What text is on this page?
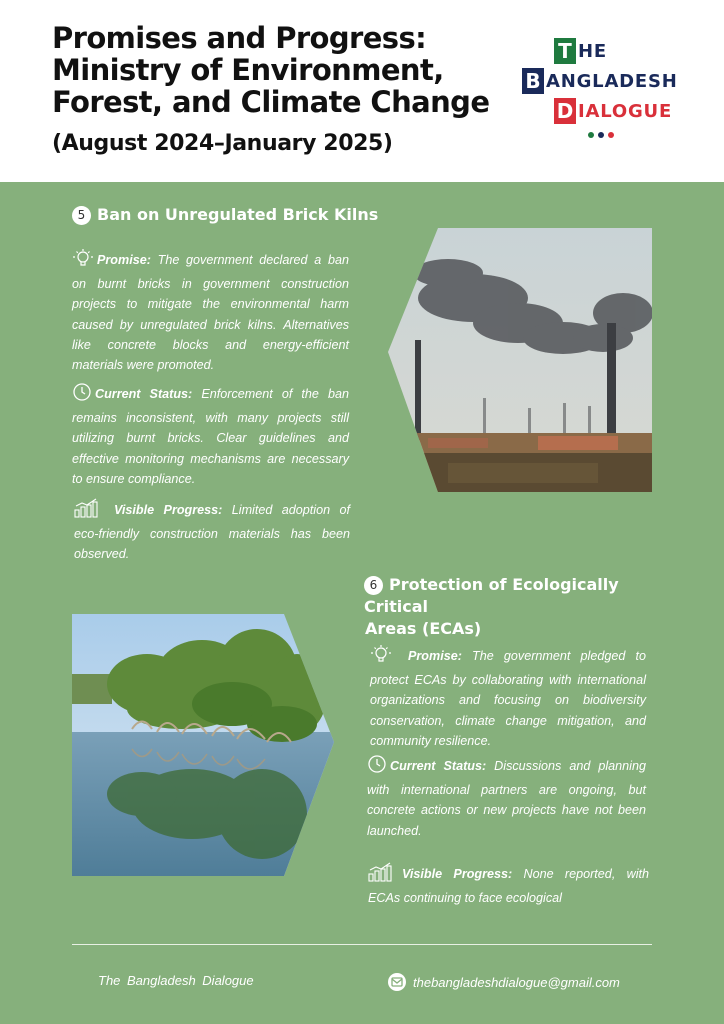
Promises and Progress:
Ministry of Environment,
Forest, and Climate Change
(August 2024–January 2025)
T HE
B ANGLADESH
D IALOGUE
5 Ban on Unregulated Brick Kilns
Promise: The government declared a ban on burnt bricks in government construction projects to mitigate the environmental harm caused by unregulated brick kilns. Alternatives like concrete blocks and energy-efficient materials were promoted.
Current Status: Enforcement of the ban remains inconsistent, with many projects still utilizing burnt bricks. Clear guidelines and effective monitoring mechanisms are necessary to ensure compliance.
Visible Progress: Limited adoption of eco-friendly construction materials has been observed.
6 Protection of Ecologically Critical
Areas (ECAs)
Promise: The government pledged to protect ECAs by collaborating with international organizations and focusing on biodiversity conservation, climate change mitigation, and community resilience.
Current Status: Discussions and planning with international partners are ongoing, but concrete actions or new projects have not been launched.
Visible Progress: None reported, with ECAs continuing to face ecological
The Bangladesh Dialogue	thebangladeshdialogue@gmail.com
